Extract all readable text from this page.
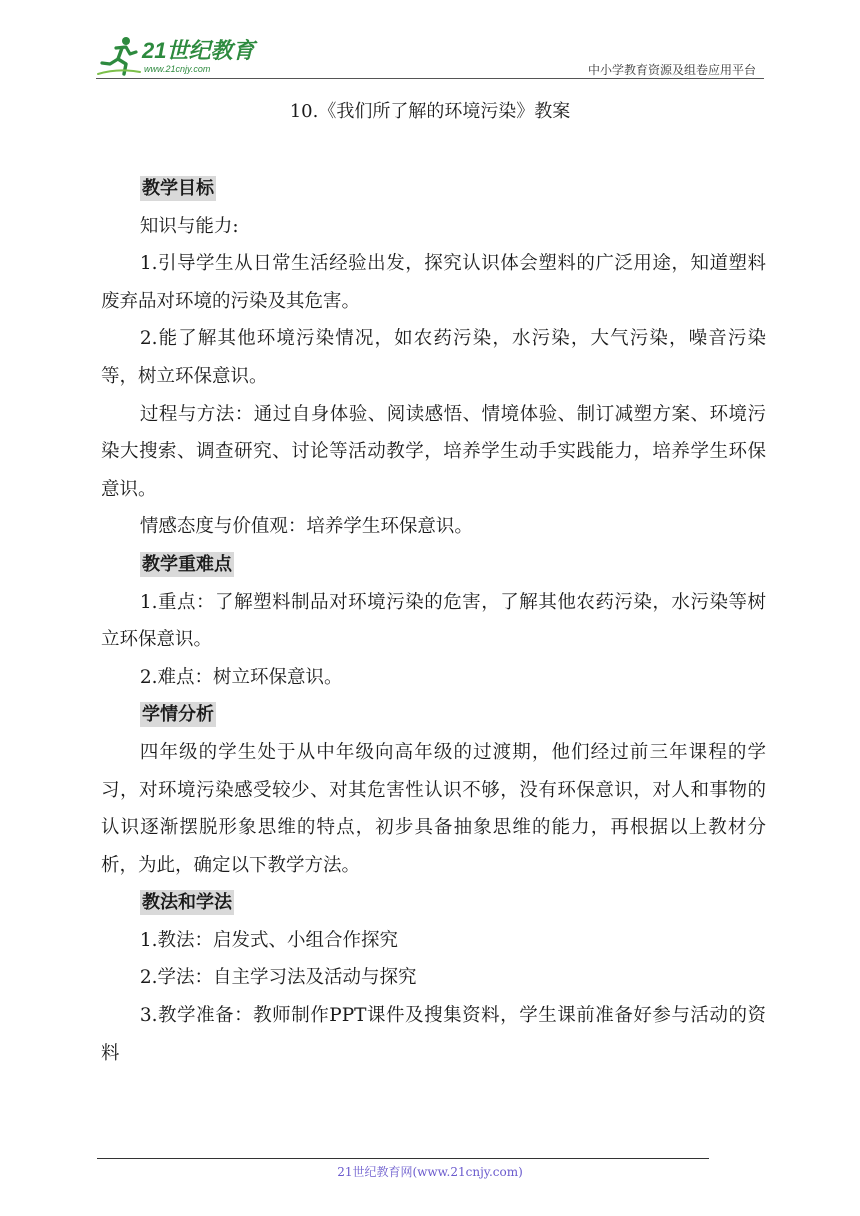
21世纪教育
www.21cnjy.com	中小学教育资源及组卷应用平台
10.《我们所了解的环境污染》教案
教学目标

知识与能力:

1.引导学生从日常生活经验出发，探究认识体会塑料的广泛用途，知道塑料废弃品对环境的污染及其危害。

2.能了解其他环境污染情况，如农药污染，水污染，大气污染，噪音污染等，树立环保意识。

过程与方法：通过自身体验、阅读感悟、情境体验、制订减塑方案、环境污染大搜索、调查研究、讨论等活动教学，培养学生动手实践能力，培养学生环保意识。

情感态度与价值观：培养学生环保意识。

教学重难点

1.重点：了解塑料制品对环境污染的危害，了解其他农药污染，水污染等树立环保意识。

2.难点：树立环保意识。

学情分析

四年级的学生处于从中年级向高年级的过渡期，他们经过前三年课程的学习，对环境污染感受较少、对其危害性认识不够，没有环保意识，对人和事物的认识逐渐摆脱形象思维的特点，初步具备抽象思维的能力，再根据以上教材分析，为此，确定以下教学方法。

教法和学法

1.教法：启发式、小组合作探究

2.学法：自主学习法及活动与探究

3.教学准备：教师制作PPT课件及搜集资料，学生课前准备好参与活动的资料

21世纪教育网(www.21cnjy.com)
